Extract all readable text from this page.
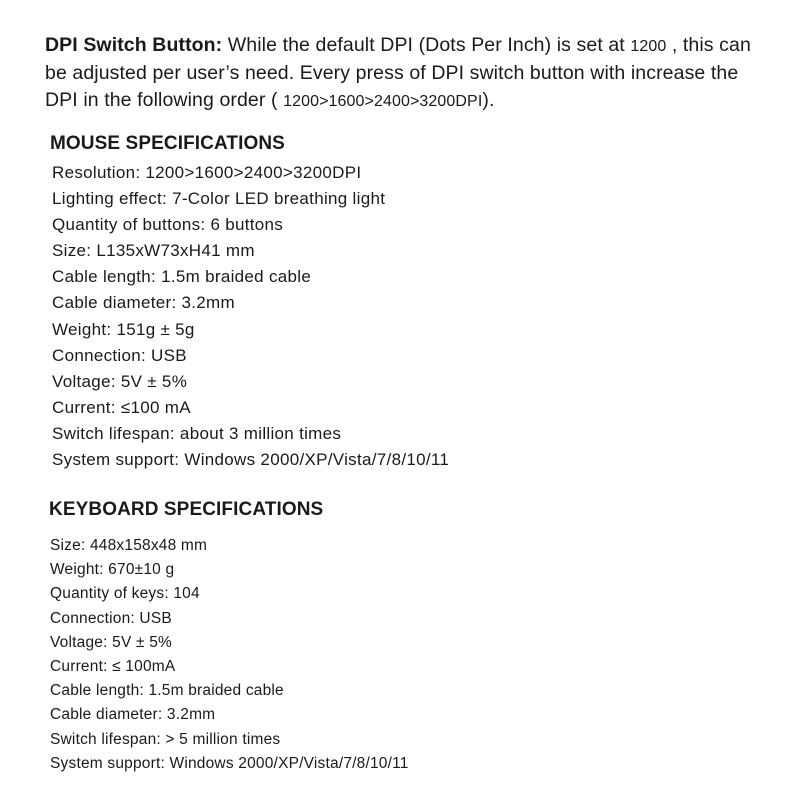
DPI Switch Button: While the default DPI (Dots Per Inch) is set at 1200 , this can be adjusted per user’s need. Every press of DPI switch button with increase the DPI in the following order ( 1200>1600>2400>3200DPI).
MOUSE SPECIFICATIONS
Resolution: 1200>1600>2400>3200DPI
Lighting effect: 7-Color LED breathing light
Quantity of buttons: 6 buttons
Size: L135xW73xH41 mm
Cable length: 1.5m braided cable
Cable diameter: 3.2mm
Weight: 151g ± 5g
Connection: USB
Voltage: 5V ± 5%
Current: ≤100 mA
Switch lifespan: about 3 million times
System support: Windows 2000/XP/Vista/7/8/10/11
KEYBOARD SPECIFICATIONS
Size: 448x158x48 mm
Weight: 670±10 g
Quantity of keys: 104
Connection: USB
Voltage: 5V ± 5%
Current: ≤ 100mA
Cable length: 1.5m braided cable
Cable diameter: 3.2mm
Switch lifespan: > 5 million times
System support: Windows 2000/XP/Vista/7/8/10/11
